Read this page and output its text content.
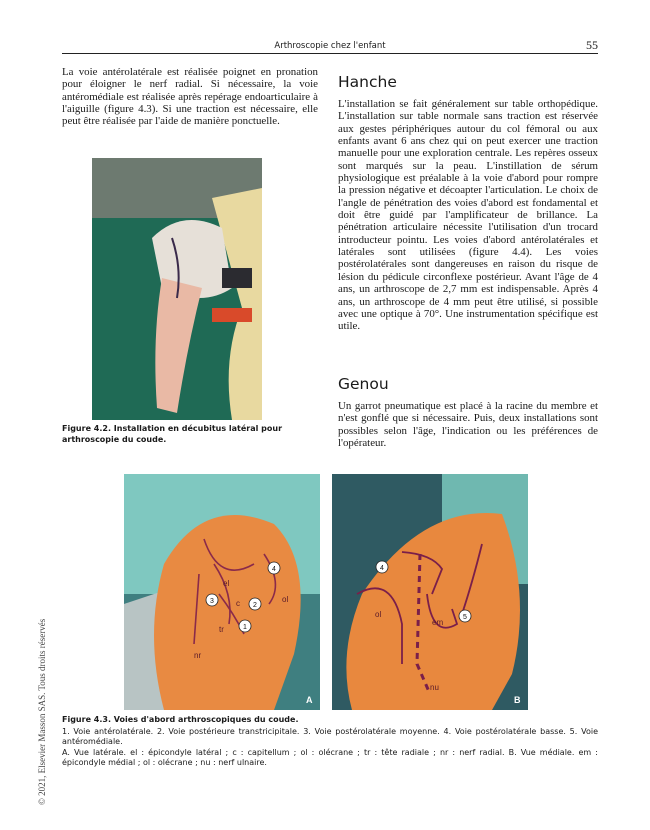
Arthroscopie chez l'enfant	55

La voie antérolatérale est réalisée poignet en pronation pour éloigner le nerf radial. Si nécessaire, la voie antéromédiale est réalisée après repérage endoarticulaire à l'aiguille (figure 4.3). Si une traction est nécessaire, elle peut être réalisée par l'aide de manière ponctuelle.

Figure 4.2. Installation en décubitus latéral pour arthroscopie du coude.

Hanche

L'installation se fait généralement sur table orthopédique. L'installation sur table normale sans traction est réservée aux gestes périphériques autour du col fémoral ou aux enfants avant 6 ans chez qui on peut exercer une traction manuelle pour une exploration centrale. Les repères osseux sont marqués sur la peau. L'instillation de sérum physiologique est préalable à la voie d'abord pour rompre la pression négative et décoapter l'articulation. Le choix de l'angle de pénétration des voies d'abord est fondamental et doit être guidé par l'amplificateur de brillance. La pénétration articulaire nécessite l'utilisation d'un trocard introducteur pointu. Les voies d'abord antérolatérales et latérales sont utilisées (figure 4.4). Les voies postérolatérales sont dangereuses en raison du risque de lésion du pédicule circonflexe postérieur. Avant l'âge de 4 ans, un arthroscope de 2,7 mm est indispensable. Après 4 ans, un arthroscope de 4 mm peut être utilisé, si possible avec une optique à 70°. Une instrumentation spécifique est utile.

Genou

Un garrot pneumatique est placé à la racine du membre et n'est gonflé que si nécessaire. Puis, deux installations sont possibles selon l'âge, l'indication ou les préférences de l'opérateur.

el
c	ol
tr
nr
4
3
2
1
A
ol
em
nu
4
5
B
Figure 4.3. Voies d'abord arthroscopiques du coude.
1. Voie antérolatérale. 2. Voie postérieure transtricipitale. 3. Voie postérolatérale moyenne. 4. Voie postérolatérale basse. 5. Voie antéromédiale.
A. Vue latérale. el : épicondyle latéral ; c : capitellum ; ol : olécrane ; tr : tête radiale ; nr : nerf radial. B. Vue médiale. em : épicondyle médial ; ol : olécrane ; nu : nerf ulnaire.
© 2021, Elsevier Masson SAS. Tous droits réservés
